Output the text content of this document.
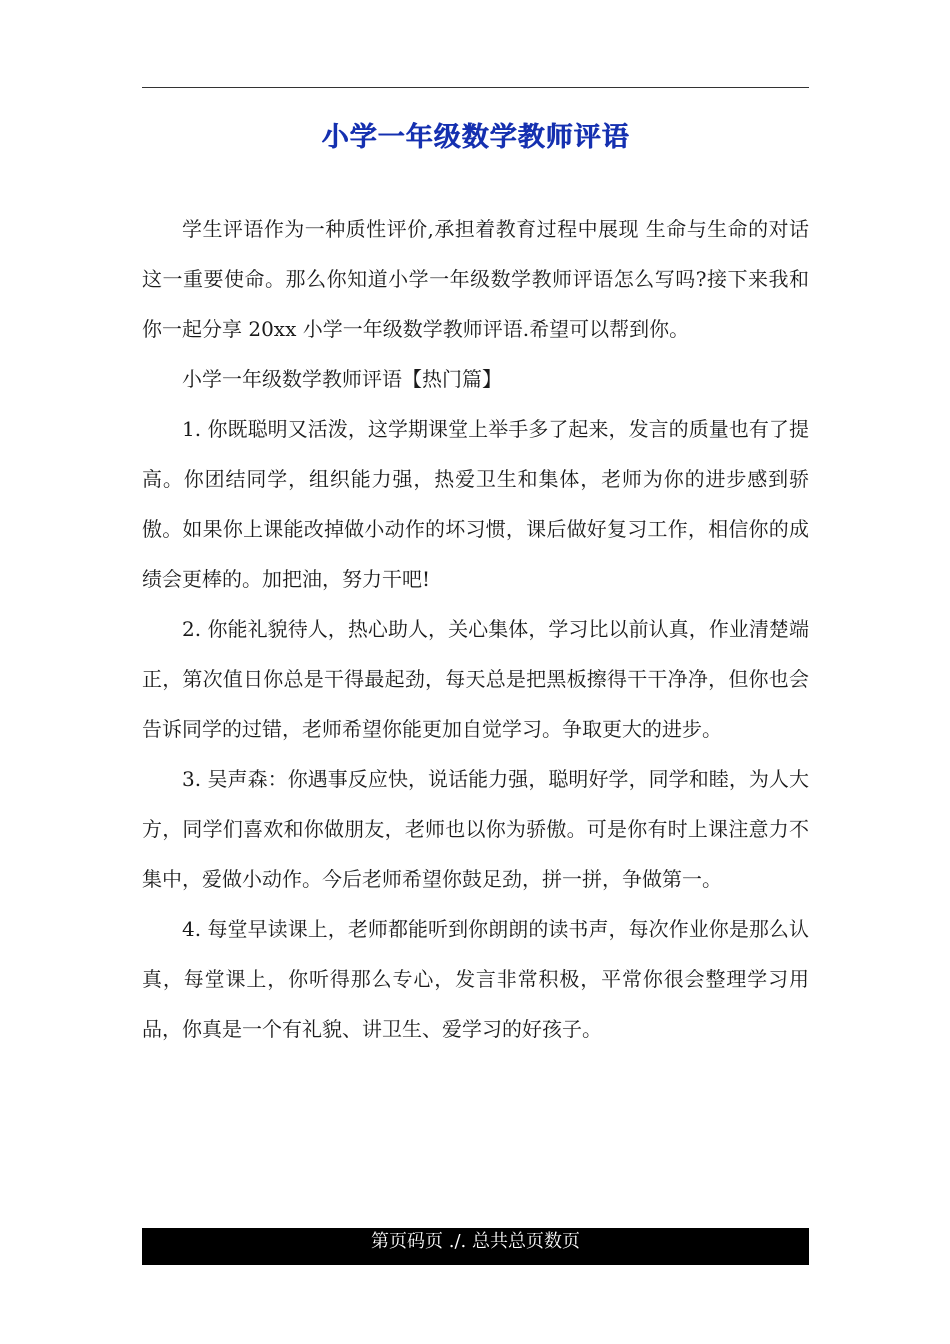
小学一年级数学教师评语

学生评语作为一种质性评价,承担着教育过程中展现 生命与生命的对话 这一重要使命。那么你知道小学一年级数学教师评语怎么写吗?接下来我和你一起分享 20xx 小学一年级数学教师评语.希望可以帮到你。

小学一年级数学教师评语【热门篇】

1. 你既聪明又活泼，这学期课堂上举手多了起来，发言的质量也有了提高。你团结同学，组织能力强，热爱卫生和集体，老师为你的进步感到骄傲。如果你上课能改掉做小动作的坏习惯，课后做好复习工作，相信你的成绩会更棒的。加把油，努力干吧!

2. 你能礼貌待人，热心助人，关心集体，学习比以前认真，作业清楚端正，第次值日你总是干得最起劲，每天总是把黑板擦得干干净净，但你也会告诉同学的过错，老师希望你能更加自觉学习。争取更大的进步。

3. 吴声森：你遇事反应快，说话能力强，聪明好学，同学和睦，为人大方，同学们喜欢和你做朋友，老师也以你为骄傲。可是你有时上课注意力不集中，爱做小动作。今后老师希望你鼓足劲，拼一拼，争做第一。

4. 每堂早读课上，老师都能听到你朗朗的读书声，每次作业你是那么认真，每堂课上，你听得那么专心，发言非常积极，平常你很会整理学习用品，你真是一个有礼貌、讲卫生、爱学习的好孩子。

第页码页 ./. 总共总页数页
